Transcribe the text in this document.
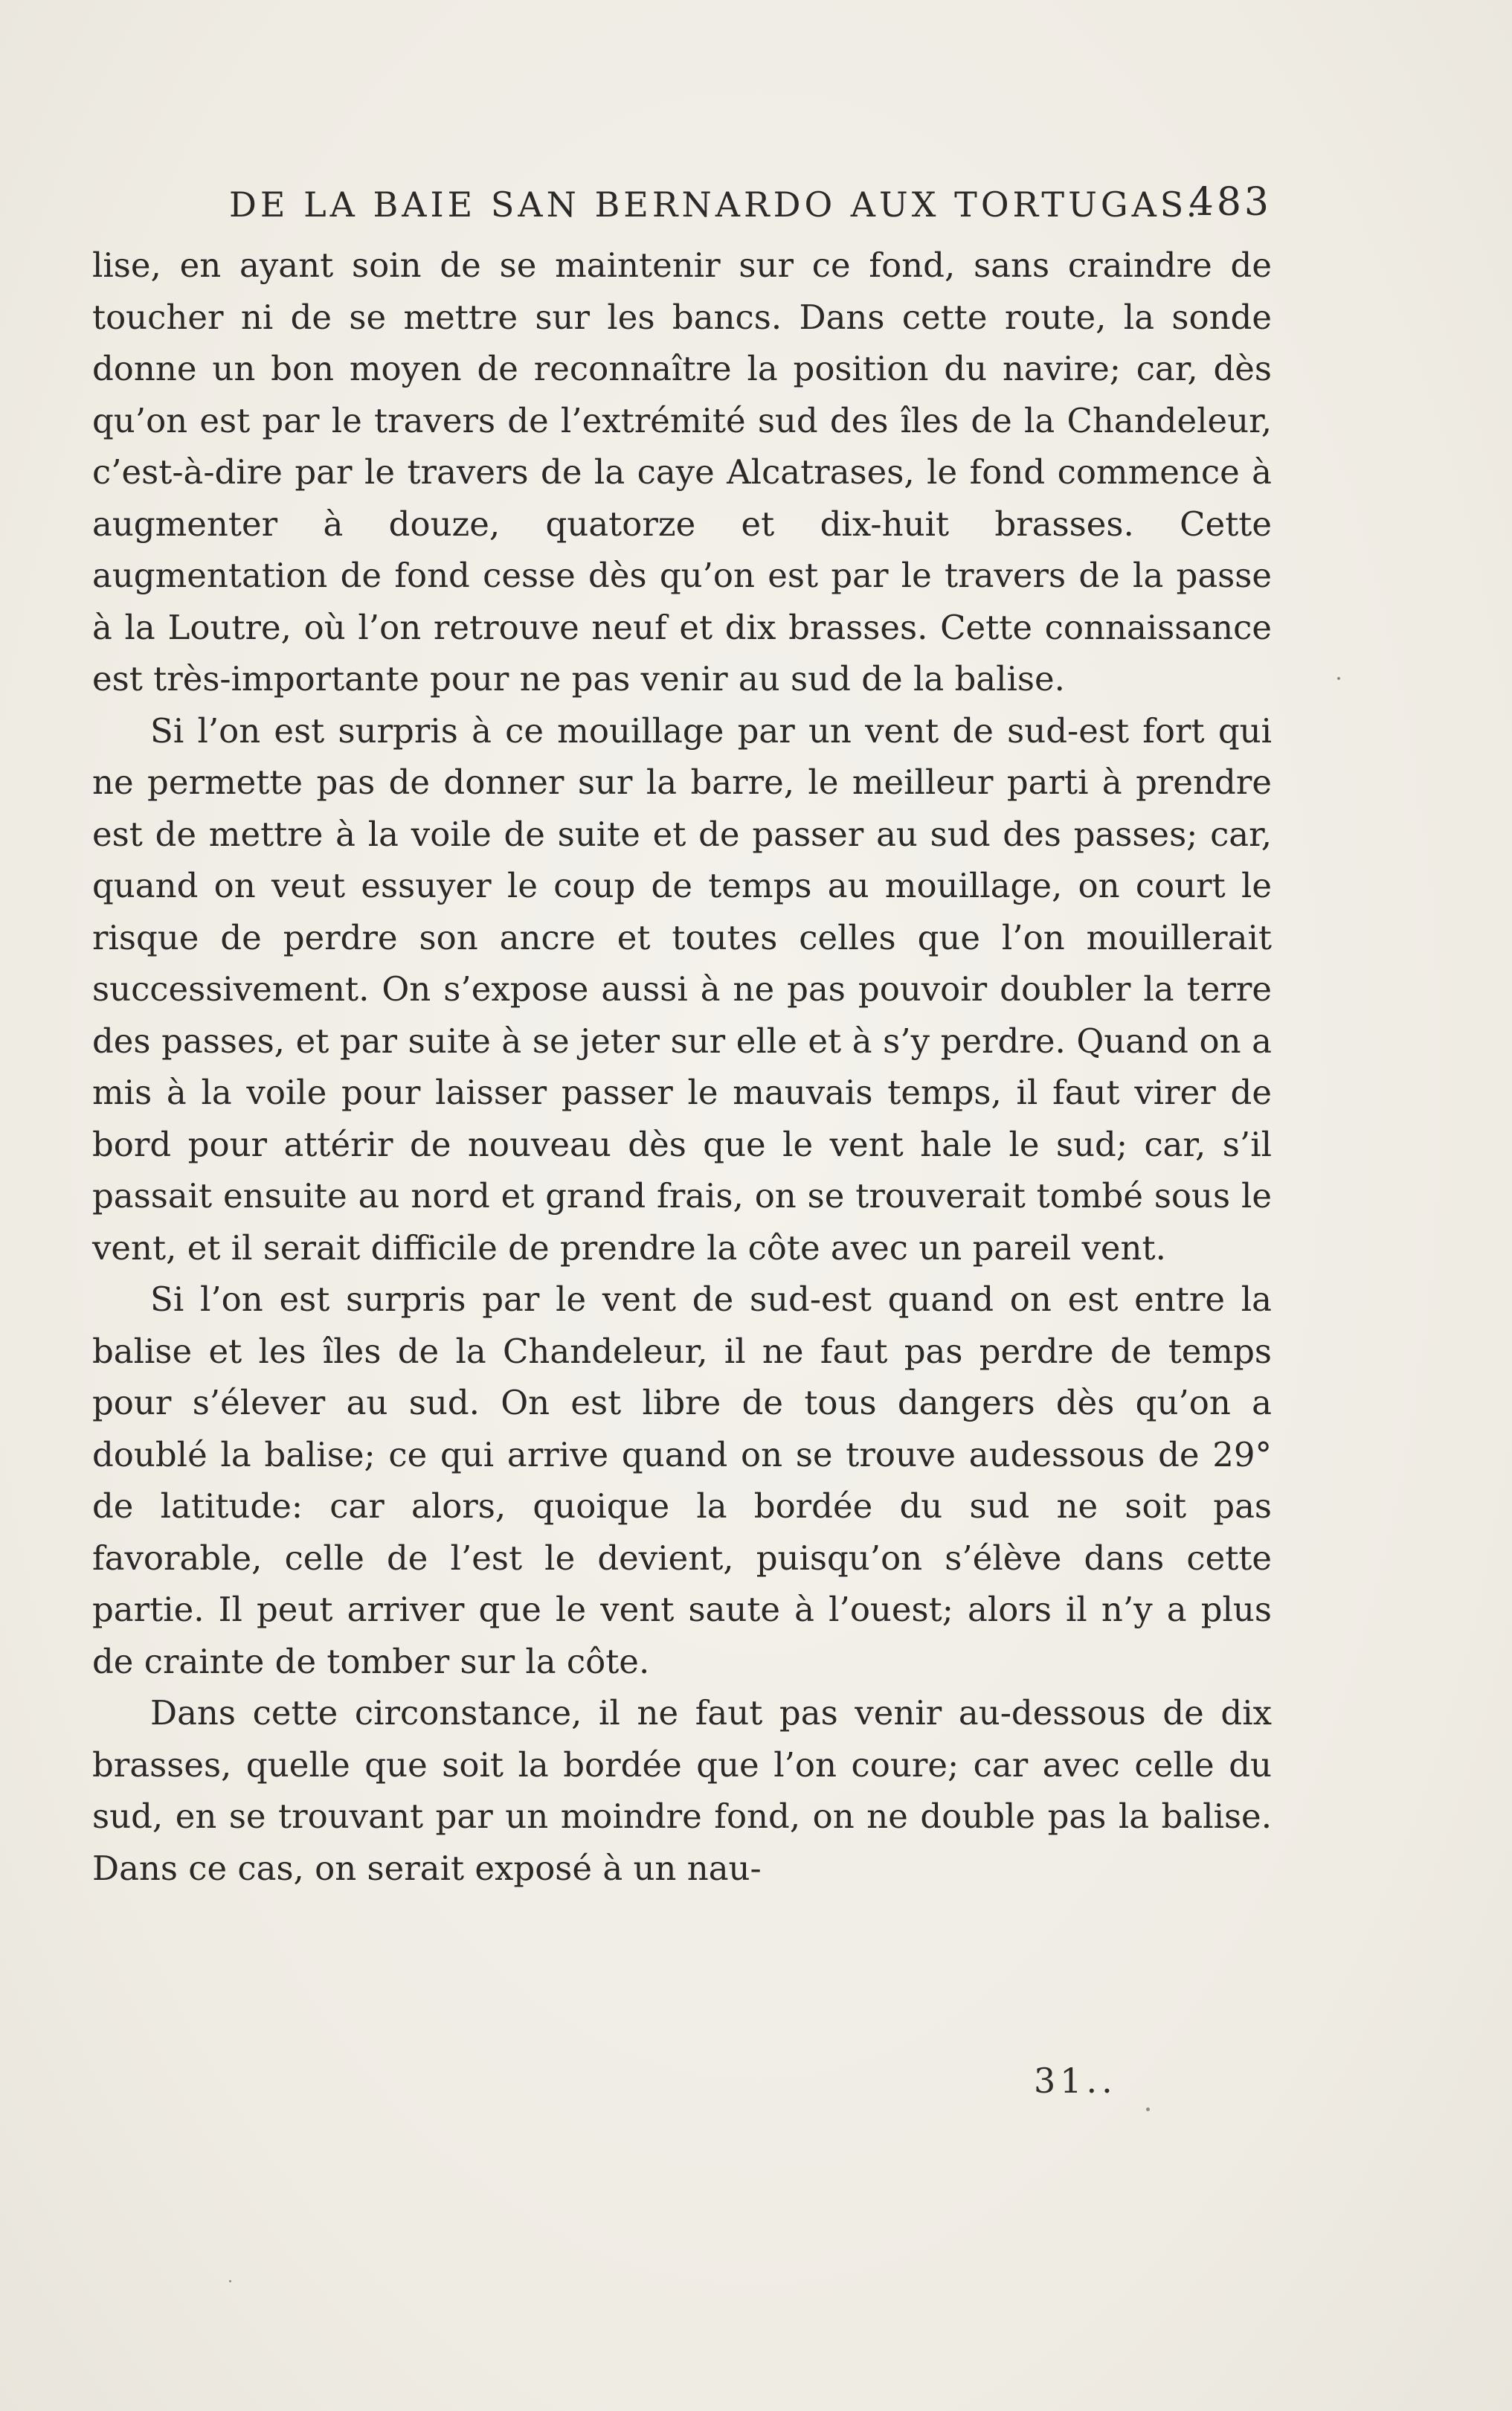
DE LA BAIE SAN BERNARDO AUX TORTUGAS.
483

lise, en ayant soin de se maintenir sur ce fond, sans craindre de toucher ni de se mettre sur les bancs. Dans cette route, la sonde donne un bon moyen de reconnaître la position du navire; car, dès qu’on est par le travers de l’extrémité sud des îles de la Chandeleur, c’est-à-dire par le travers de la caye Alcatrases, le fond commence à augmenter à douze, quatorze et dix-huit brasses. Cette augmentation de fond cesse dès qu’on est par le travers de la passe à la Loutre, où l’on retrouve neuf et dix brasses. Cette connaissance est très-importante pour ne pas venir au sud de la balise.

Si l’on est surpris à ce mouillage par un vent de sud-est fort qui ne permette pas de donner sur la barre, le meilleur parti à prendre est de mettre à la voile de suite et de passer au sud des passes; car, quand on veut essuyer le coup de temps au mouillage, on court le risque de perdre son ancre et toutes celles que l’on mouillerait successivement. On s’expose aussi à ne pas pouvoir doubler la terre des passes, et par suite à se jeter sur elle et à s’y perdre. Quand on a mis à la voile pour laisser passer le mauvais temps, il faut virer de bord pour attérir de nouveau dès que le vent hale le sud; car, s’il passait ensuite au nord et grand frais, on se trouverait tombé sous le vent, et il serait difficile de prendre la côte avec un pareil vent.

Si l’on est surpris par le vent de sud-est quand on est entre la balise et les îles de la Chandeleur, il ne faut pas perdre de temps pour s’élever au sud. On est libre de tous dangers dès qu’on a doublé la balise; ce qui arrive quand on se trouve audessous de 29° de latitude: car alors, quoique la bordée du sud ne soit pas favorable, celle de l’est le devient, puisqu’on s’élève dans cette partie. Il peut arriver que le vent saute à l’ouest; alors il n’y a plus de crainte de tomber sur la côte.

Dans cette circonstance, il ne faut pas venir au-dessous de dix brasses, quelle que soit la bordée que l’on coure; car avec celle du sud, en se trouvant par un moindre fond, on ne double pas la balise. Dans ce cas, on serait exposé à un nau-

31..
